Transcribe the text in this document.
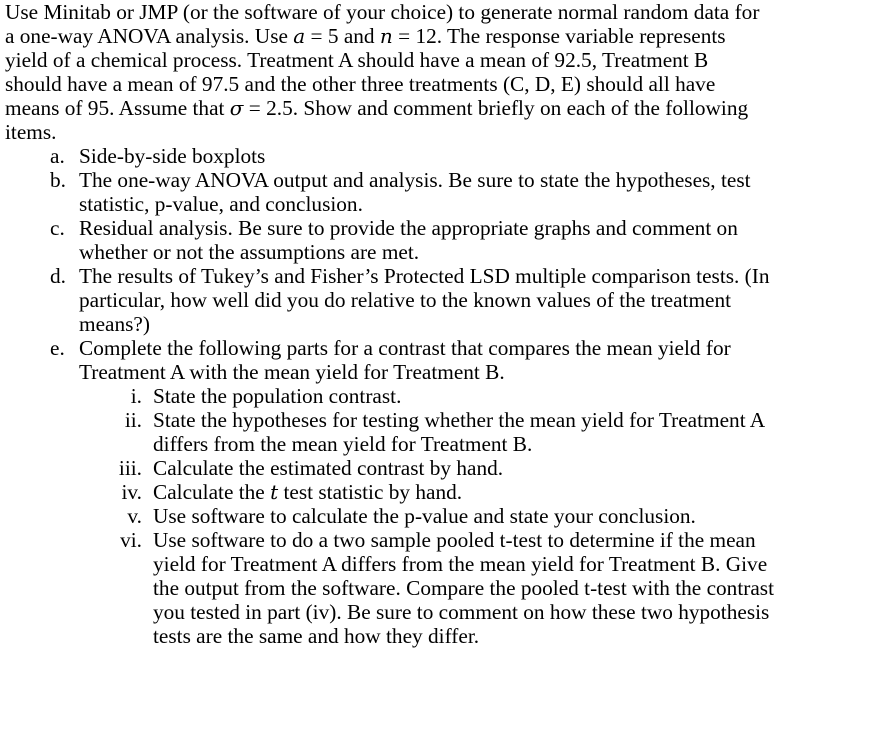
Use Minitab or JMP (or the software of your choice) to generate normal random data for

a one-way ANOVA analysis. Use a = 5 and n = 12. The response variable represents

yield of a chemical process. Treatment A should have a mean of 92.5, Treatment B

should have a mean of 97.5 and the other three treatments (C, D, E) should all have

means of 95. Assume that σ = 2.5. Show and comment briefly on each of the following

items.

a. Side-by-side boxplots
b. The one-way ANOVA output and analysis. Be sure to state the hypotheses, test
statistic, p-value, and conclusion.
c. Residual analysis. Be sure to provide the appropriate graphs and comment on
whether or not the assumptions are met.
d. The results of Tukey’s and Fisher’s Protected LSD multiple comparison tests. (In
particular, how well did you do relative to the known values of the treatment
means?)
e. Complete the following parts for a contrast that compares the mean yield for
Treatment A with the mean yield for Treatment B.
i. State the population contrast.
ii. State the hypotheses for testing whether the mean yield for Treatment A
differs from the mean yield for Treatment B.
iii. Calculate the estimated contrast by hand.
iv. Calculate the t test statistic by hand.
v. Use software to calculate the p-value and state your conclusion.
vi. Use software to do a two sample pooled t-test to determine if the mean
yield for Treatment A differs from the mean yield for Treatment B. Give
the output from the software. Compare the pooled t-test with the contrast
you tested in part (iv). Be sure to comment on how these two hypothesis
tests are the same and how they differ.
